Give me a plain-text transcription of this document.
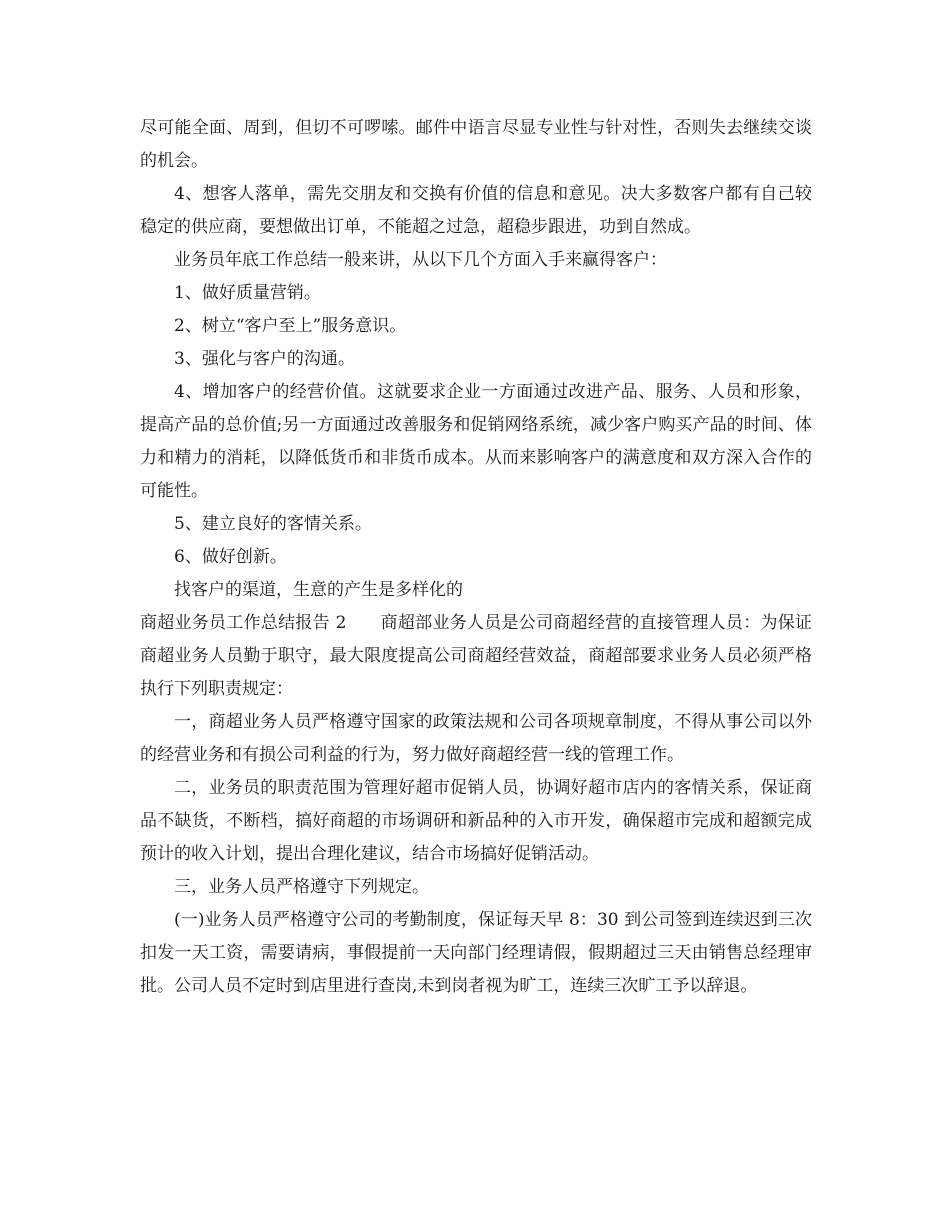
尽可能全面、周到，但切不可啰嗦。邮件中语言尽显专业性与针对性，否则失去继续交谈的机会。

4、想客人落单，需先交朋友和交换有价值的信息和意见。决大多数客户都有自己较稳定的供应商，要想做出订单，不能超之过急，超稳步跟进，功到自然成。

业务员年底工作总结一般来讲，从以下几个方面入手来赢得客户：

1、做好质量营销。

2、树立“客户至上”服务意识。

3、强化与客户的沟通。

4、增加客户的经营价值。这就要求企业一方面通过改进产品、服务、人员和形象，提高产品的总价值;另一方面通过改善服务和促销网络系统，减少客户购买产品的时间、体力和精力的消耗，以降低货币和非货币成本。从而来影响客户的满意度和双方深入合作的可能性。

5、建立良好的客情关系。

6、做好创新。

找客户的渠道，生意的产生是多样化的

商超业务员工作总结报告 2 商超部业务人员是公司商超经营的直接管理人员：为保证商超业务人员勤于职守，最大限度提高公司商超经营效益，商超部要求业务人员必须严格执行下列职责规定：

一，商超业务人员严格遵守国家的政策法规和公司各项规章制度，不得从事公司以外的经营业务和有损公司利益的行为，努力做好商超经营一线的管理工作。

二，业务员的职责范围为管理好超市促销人员，协调好超市店内的客情关系，保证商品不缺货，不断档，搞好商超的市场调研和新品种的入市开发，确保超市完成和超额完成预计的收入计划，提出合理化建议，结合市场搞好促销活动。

三，业务人员严格遵守下列规定。

(一)业务人员严格遵守公司的考勤制度，保证每天早 8：30 到公司签到连续迟到三次扣发一天工资，需要请病，事假提前一天向部门经理请假，假期超过三天由销售总经理审批。公司人员不定时到店里进行查岗,未到岗者视为旷工，连续三次旷工予以辞退。
